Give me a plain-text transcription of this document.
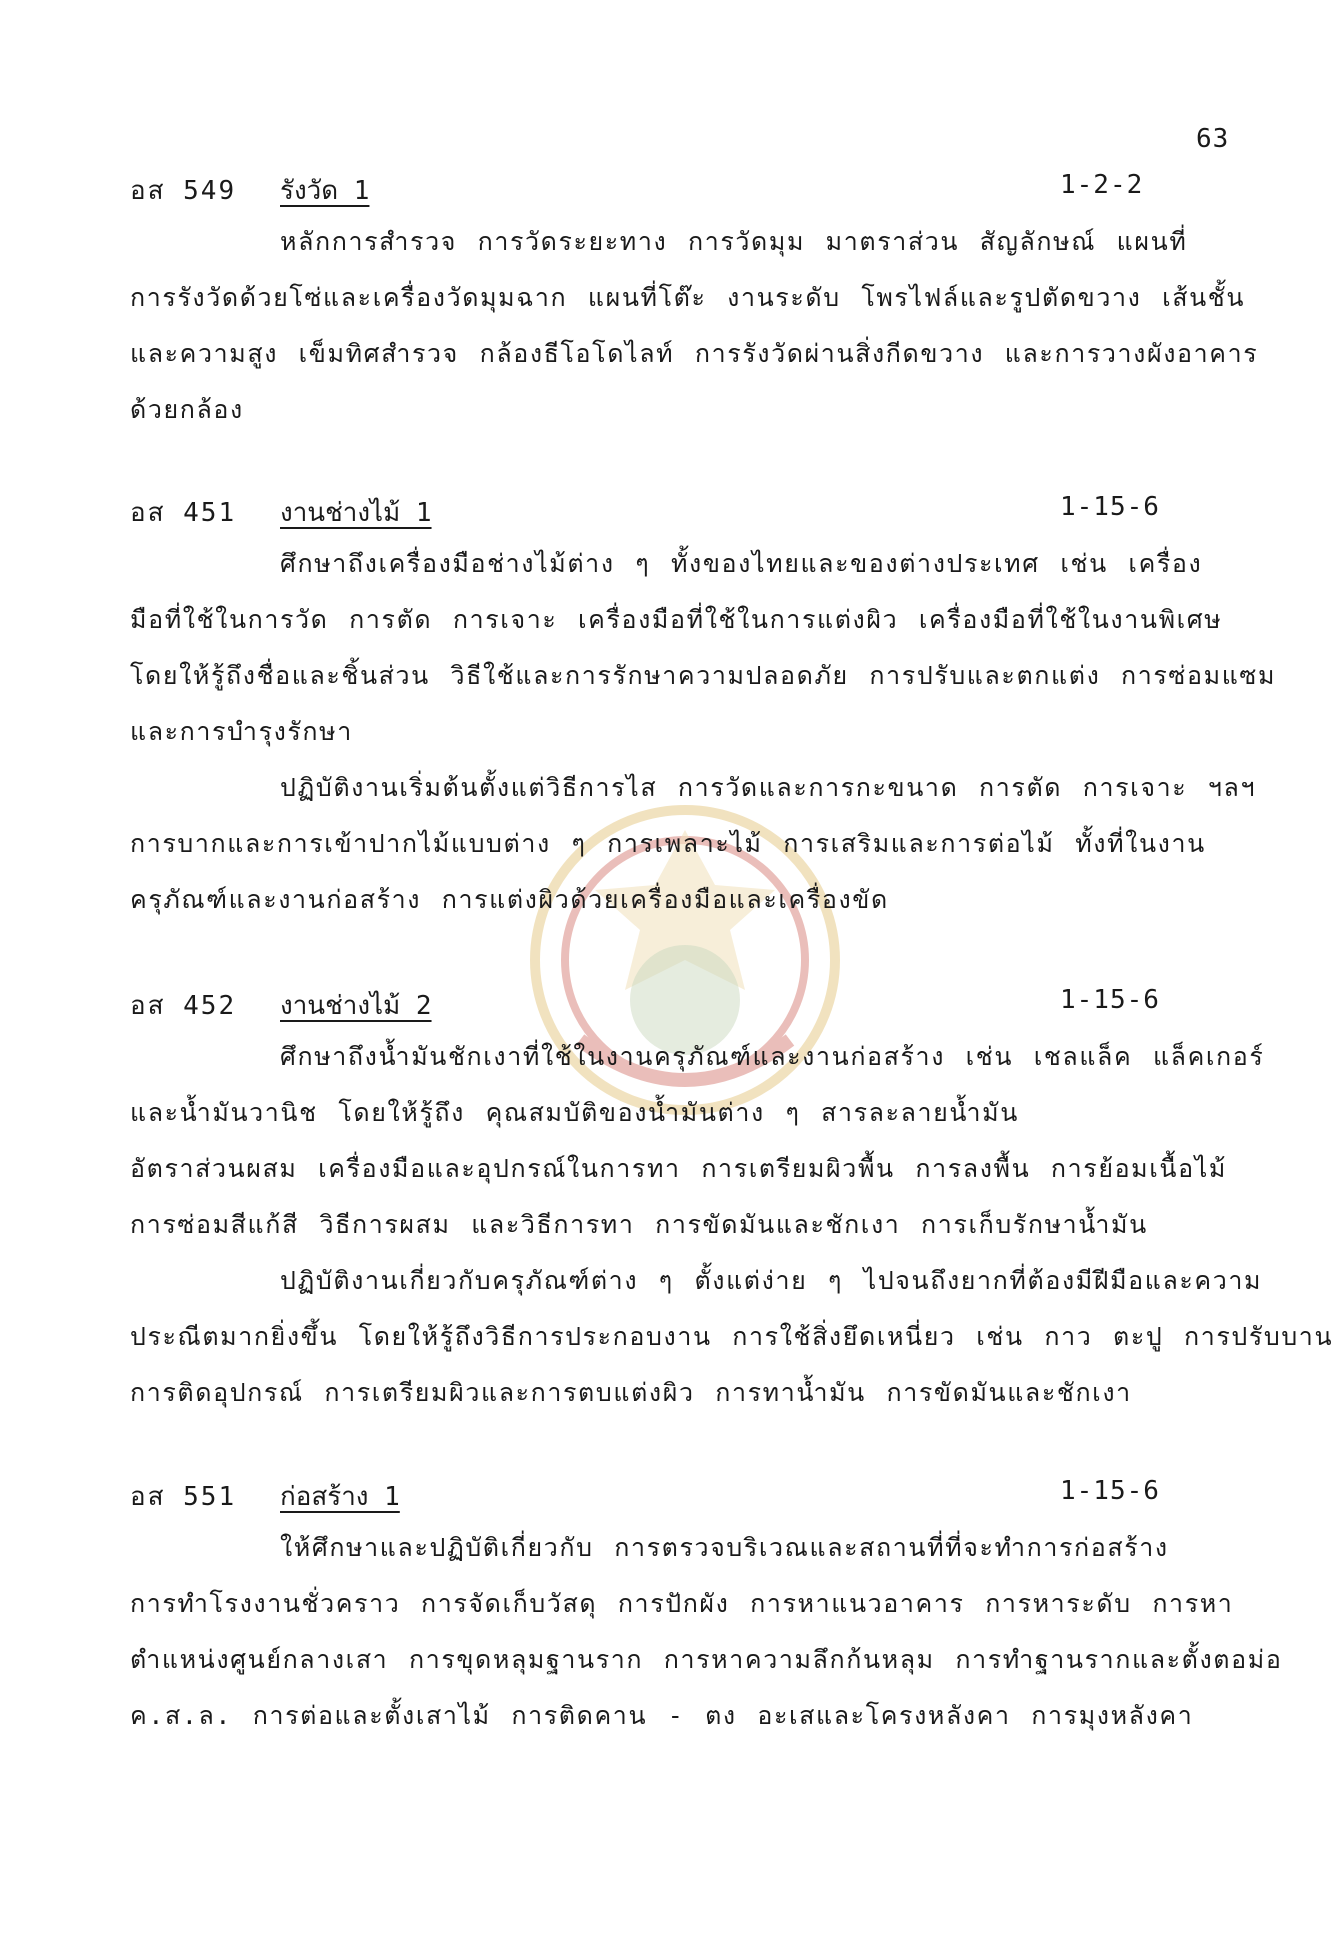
63
อส 549 รังวัด 1	1-2-2

หลักการสำรวจ การวัดระยะทาง การวัดมุม มาตราส่วน สัญลักษณ์ แผนที่
การรังวัดด้วยโซ่และเครื่องวัดมุมฉาก แผนที่โต๊ะ งานระดับ โพรไฟล์และรูปตัดขวาง เส้นชั้น
และความสูง เข็มทิศสำรวจ กล้องธีโอโดไลท์ การรังวัดผ่านสิ่งกีดขวาง และการวางผังอาคาร
ด้วยกล้อง

อส 451 งานช่างไม้ 1	1-15-6

ศึกษาถึงเครื่องมือช่างไม้ต่าง ๆ ทั้งของไทยและของต่างประเทศ เช่น เครื่อง
มือที่ใช้ในการวัด การตัด การเจาะ เครื่องมือที่ใช้ในการแต่งผิว เครื่องมือที่ใช้ในงานพิเศษ
โดยให้รู้ถึงชื่อและชิ้นส่วน วิธีใช้และการรักษาความปลอดภัย การปรับและตกแต่ง การซ่อมแซม
และการบำรุงรักษา

ปฏิบัติงานเริ่มต้นตั้งแต่วิธีการไส การวัดและการกะขนาด การตัด การเจาะ ฯลฯ
การบากและการเข้าปากไม้แบบต่าง ๆ การเพลาะไม้ การเสริมและการต่อไม้ ทั้งที่ในงาน
ครุภัณฑ์และงานก่อสร้าง การแต่งผิวด้วยเครื่องมือและเครื่องขัด

อส 452 งานช่างไม้ 2	1-15-6

ศึกษาถึงน้ำมันชักเงาที่ใช้ในงานครุภัณฑ์และงานก่อสร้าง เช่น เชลแล็ค แล็คเกอร์
และน้ำมันวานิช โดยให้รู้ถึง คุณสมบัติของน้ำมันต่าง ๆ สารละลายน้ำมัน
อัตราส่วนผสม เครื่องมือและอุปกรณ์ในการทา การเตรียมผิวพื้น การลงพื้น การย้อมเนื้อไม้
การซ่อมสีแก้สี วิธีการผสม และวิธีการทา การขัดมันและชักเงา การเก็บรักษาน้ำมัน

ปฏิบัติงานเกี่ยวกับครุภัณฑ์ต่าง ๆ ตั้งแต่ง่าย ๆ ไปจนถึงยากที่ต้องมีฝีมือและความ
ประณีตมากยิ่งขึ้น โดยให้รู้ถึงวิธีการประกอบงาน การใช้สิ่งยึดเหนี่ยว เช่น กาว ตะปู การปรับบาน
การติดอุปกรณ์ การเตรียมผิวและการตบแต่งผิว การทาน้ำมัน การขัดมันและชักเงา

อส 551 ก่อสร้าง 1	1-15-6

ให้ศึกษาและปฏิบัติเกี่ยวกับ การตรวจบริเวณและสถานที่ที่จะทำการก่อสร้าง
การทำโรงงานชั่วคราว การจัดเก็บวัสดุ การปักผัง การหาแนวอาคาร การหาระดับ การหา
ตำแหน่งศูนย์กลางเสา การขุดหลุมฐานราก การหาความลึกก้นหลุม การทำฐานรากและตั้งตอม่อ
ค.ส.ล. การต่อและตั้งเสาไม้ การติดคาน - ตง อะเสและโครงหลังคา การมุงหลังคา
